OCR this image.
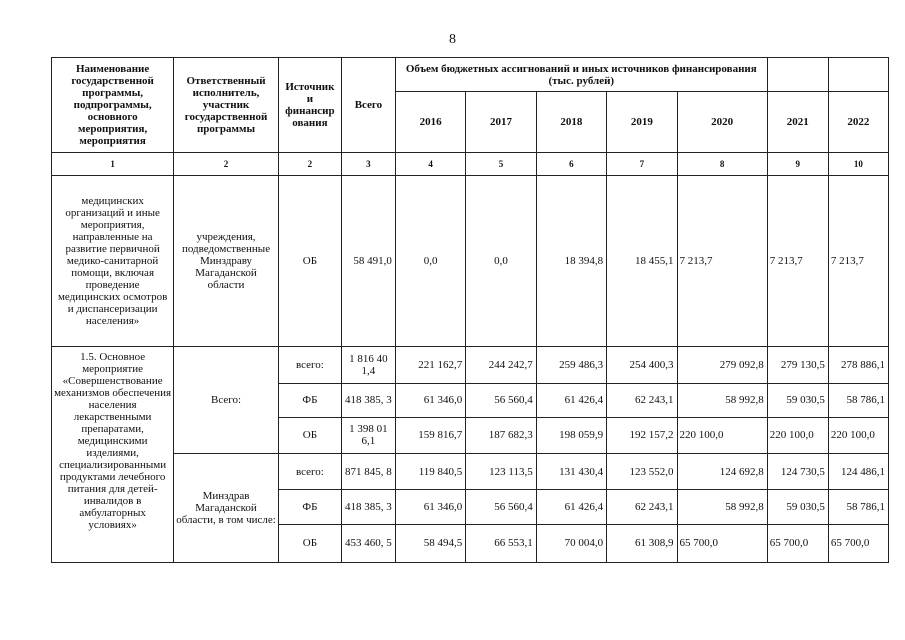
8
Наименование государственной программы, подпрограммы, основного мероприятия, мероприятия	Ответственный исполнитель, участник государственной программы	Источник и финансир ования	Всего	Объем бюджетных ассигнований и иных источников финансирования (тыс. рублей)						
				2016	2017	2018	2019	2020	2021	2022
1	2	2	3	4	5	6	7	8	9	10
медицинских организаций и иные мероприятия, направленные на развитие первичной медико-санитарной помощи, включая проведение медицинских осмотров и диспансеризации населения»	учреждения, подведомственные Минздраву Магаданской области	ОБ	58 491,0	0,0	0,0	18 394,8	18 455,1	7 213,7	7 213,7	7 213,7
1.5. Основное мероприятие «Совершенствование механизмов обеспечения населения лекарственными препаратами, медицинскими изделиями, специализированными продуктами лечебного питания для детей-инвалидов в амбулаторных условиях»	Всего:	всего:	1 816 40 1,4	221 162,7	244 242,7	259 486,3	254 400,3	279 092,8	279 130,5	278 886,1
		ФБ	418 385, 3	61 346,0	56 560,4	61 426,4	62 243,1	58 992,8	59 030,5	58 786,1
		ОБ	1 398 01 6,1	159 816,7	187 682,3	198 059,9	192 157,2	220 100,0	220 100,0	220 100,0
	Минздрав Магаданской области, в том числе:	всего:	871 845, 8	119 840,5	123 113,5	131 430,4	123 552,0	124 692,8	124 730,5	124 486,1
		ФБ	418 385, 3	61 346,0	56 560,4	61 426,4	62 243,1	58 992,8	59 030,5	58 786,1
		ОБ	453 460, 5	58 494,5	66 553,1	70 004,0	61 308,9	65 700,0	65 700,0	65 700,0
